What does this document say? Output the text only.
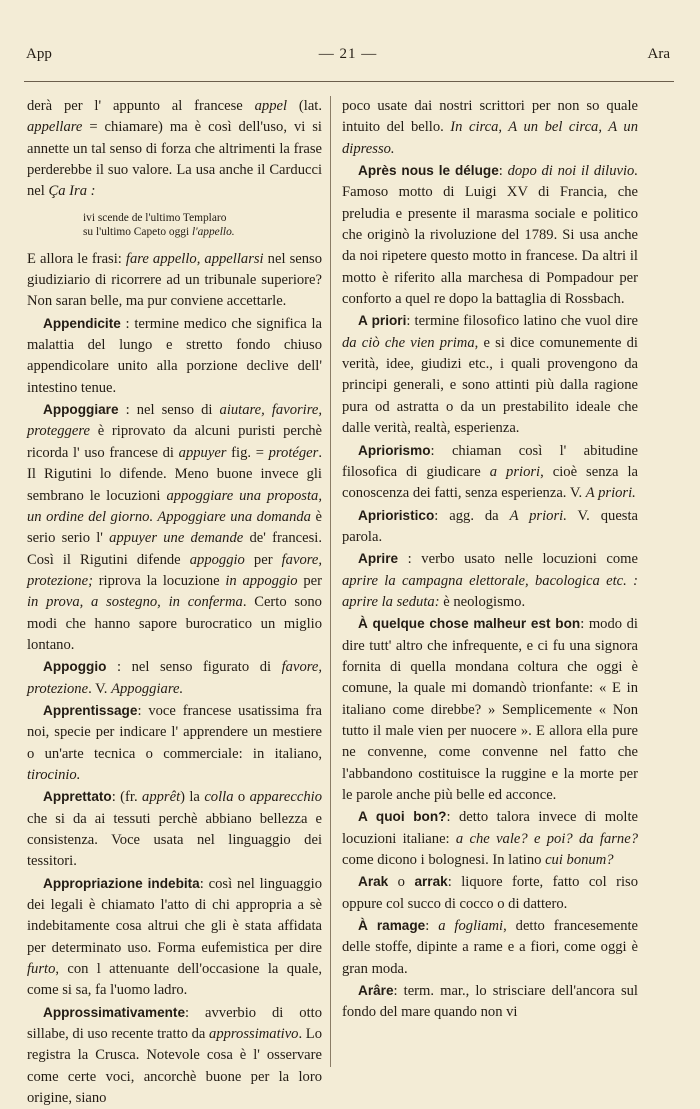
App	— 21 —	Ara

derà per l' appunto al francese appel (lat. appellare = chiamare) ma è così dell'uso, vi si annette un tal senso di forza che altrimenti la frase perderebbe il suo valore. La usa anche il Carducci nel Ça Ira :

ivi scende de l'ultimo Templaro
su l'ultimo Capeto oggi l'appello.

E allora le frasi: fare appello, appellarsi nel senso giudiziario di ricorrere ad un tribunale superiore? Non saran belle, ma pur conviene accettarle.

Appendicite : termine medico che significa la malattia del lungo e stretto fondo chiuso appendicolare unito alla porzione declive dell' intestino tenue.

Appoggiare : nel senso di aiutare, favorire, proteggere è riprovato da alcuni puristi perchè ricorda l' uso francese di appuyer fig. = protéger. Il Rigutini lo difende. Meno buone invece gli sembrano le locuzioni appoggiare una proposta, un ordine del giorno. Appoggiare una domanda è serio serio l' appuyer une demande de' francesi. Così il Rigutini difende appoggio per favore, protezione; riprova la locuzione in appoggio per in prova, a sostegno, in conferma. Certo sono modi che hanno sapore burocratico un miglio lontano.

Appoggio : nel senso figurato di favore, protezione. V. Appoggiare.

Apprentissage: voce francese usatissima fra noi, specie per indicare l' apprendere un mestiere o un'arte tecnica o commerciale: in italiano, tirocinio.

Apprettato: (fr. apprêt) la colla o apparecchio che si da ai tessuti perchè abbiano bellezza e consistenza. Voce usata nel linguaggio dei tessitori.

Appropriazione indebita: così nel linguaggio dei legali è chiamato l'atto di chi appropria a sè indebitamente cosa altrui che gli è stata affidata per determinato uso. Forma eufemistica per dire furto, con l attenuante dell'occasione la quale, come si sa, fa l'uomo ladro.

Approssimativamente: avverbio di otto sillabe, di uso recente tratto da approssimativo. Lo registra la Crusca. Notevole cosa è l' osservare come certe voci, ancorchè buone per la loro origine, siano

poco usate dai nostri scrittori per non so quale intuito del bello. In circa, A un bel circa, A un dipresso.

Après nous le déluge: dopo di noi il diluvio. Famoso motto di Luigi XV di Francia, che preludia e presente il marasma sociale e politico che originò la rivoluzione del 1789. Si usa anche da noi ripetere questo motto in francese. Da altri il motto è riferito alla marchesa di Pompadour per conforto a quel re dopo la battaglia di Rossbach.

A priori: termine filosofico latino che vuol dire da ciò che vien prima, e si dice comunemente di verità, idee, giudizi etc., i quali provengono da principi generali, e sono attinti più dalla ragione pura od astratta o da un prestabilito ideale che dalle verità, realtà, esperienza.

Apriorismo: chiaman così l' abitudine filosofica di giudicare a priori, cioè senza la conoscenza dei fatti, senza esperienza. V. A priori.

Aprioristico: agg. da A priori. V. questa parola.

Aprire : verbo usato nelle locuzioni come aprire la campagna elettorale, bacologica etc. : aprire la seduta: è neologismo.

À quelque chose malheur est bon: modo di dire tutt' altro che infrequente, e ci fu una signora fornita di quella mondana coltura che oggi è comune, la quale mi domandò trionfante: « E in italiano come direbbe? » Semplicemente « Non tutto il male vien per nuocere ». E allora ella pure ne convenne, come convenne nel fatto che l'abbandono costituisce la ruggine e la morte per le parole anche più belle ed acconce.

A quoi bon?: detto talora invece di molte locuzioni italiane: a che vale? e poi? da farne? come dicono i bolognesi. In latino cui bonum?

Arak o arrak: liquore forte, fatto col riso oppure col succo di cocco o di dattero.

À ramage: a fogliami, detto francesemente delle stoffe, dipinte a rame e a fiori, come oggi è gran moda.

Arâre: term. mar., lo strisciare dell'ancora sul fondo del mare quando non vi
